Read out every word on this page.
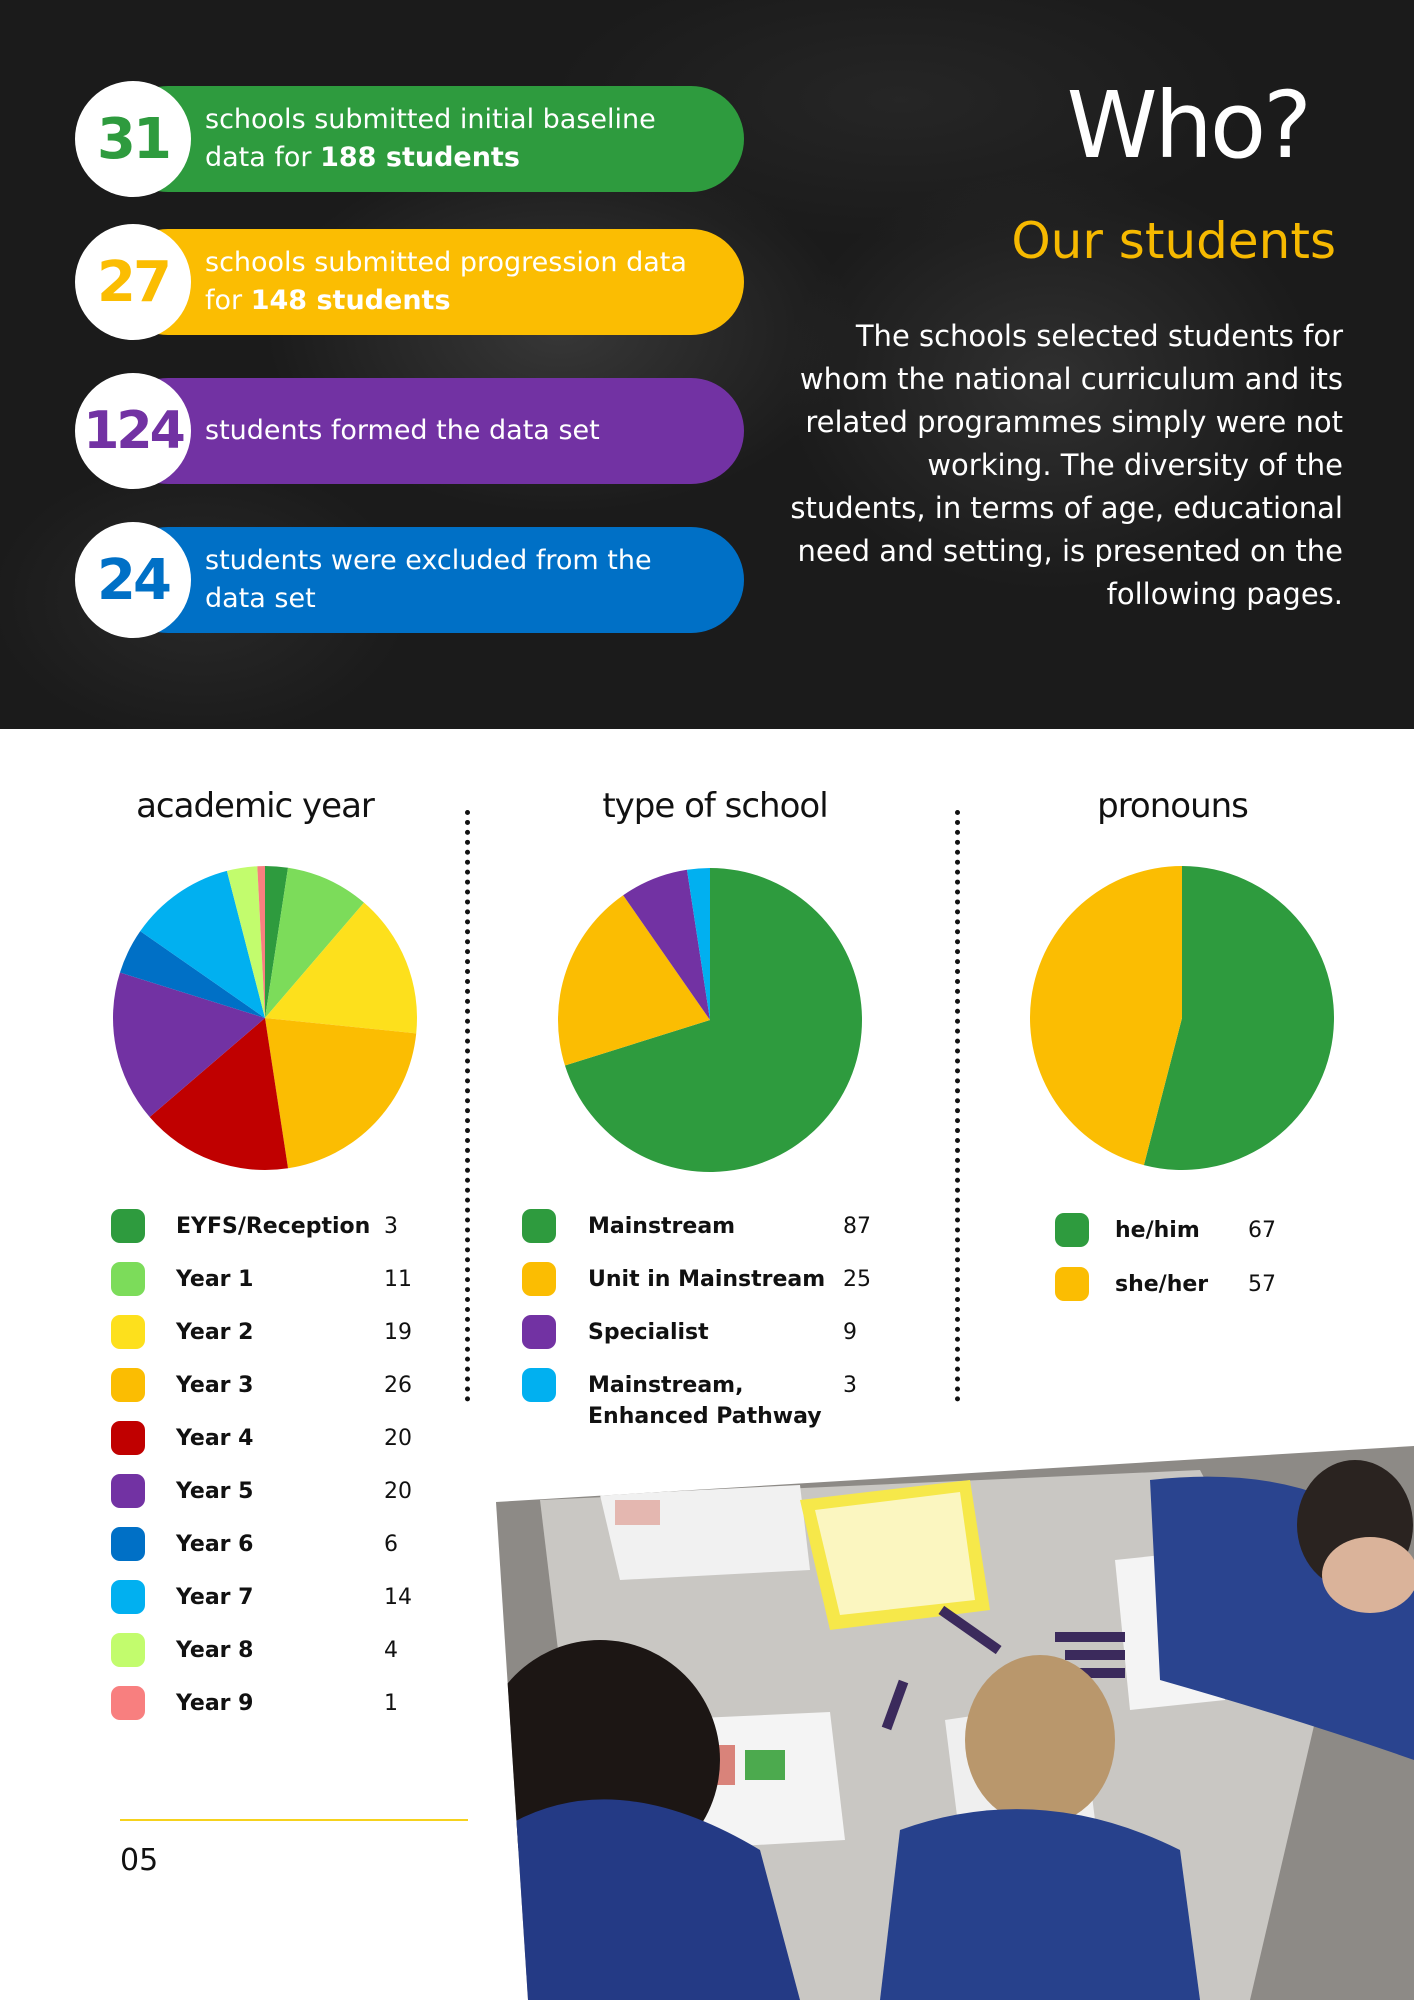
31	schools submitted initial baseline data for 188 students
27	schools submitted progression data for 148 students
124 students formed the data set
24	students were excluded from the data set
Who?
Our students
The schools selected students for whom the national curriculum and its related programmes simply were not working. The diversity of the students, in terms of age, educational need and setting, is presented on the following pages.
academic year	type of school	pronouns
EYFS/Reception 3
Year 1	11
Year 2	19
Year 3	26
Year 4	20
Year 5	20
Year 6	6
Year 7	14
Year 8	4
Year 9	1
Mainstream	87
Unit in Mainstream 25
Specialist	9
Mainstream,
Enhanced Pathway
3
he/him 67
she/her 57
05
